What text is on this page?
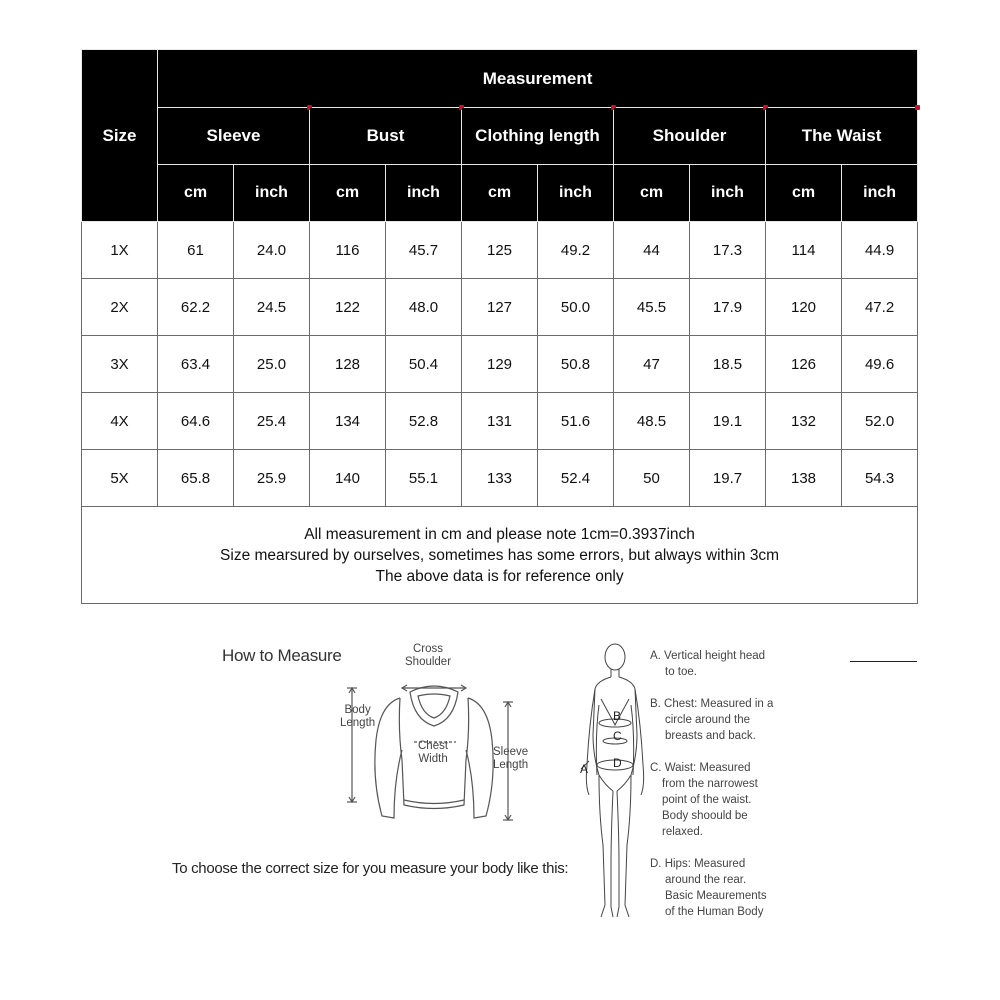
Size	Measurement									
	Sleeve		Bust		Clothing length		Shoulder		The Waist	
	cm	inch	cm	inch	cm	inch	cm	inch	cm	inch
1X	61	24.0	116	45.7	125	49.2	44	17.3	114	44.9
2X	62.2	24.5	122	48.0	127	50.0	45.5	17.9	120	47.2
3X	63.4	25.0	128	50.4	129	50.8	47	18.5	126	49.6
4X	64.6	25.4	134	52.8	131	51.6	48.5	19.1	132	52.0
5X	65.8	25.9	140	55.1	133	52.4	50	19.7	138	54.3

All measurement in cm and please note 1cm=0.3937inch
Size mearsured by ourselves, sometimes has some errors, but always within 3cm
The above data is for reference only										
How to Measure	Cross
Shoulder
Body
Length
Chest
Width
Sleeve
Length	A
B
C
D
A. Vertical height head
to toe.
B. Chest: Measured in a
circle around the
breasts and back.
C. Waist: Measured
from the narrowest
point of the waist.
Body shoould be
relaxed.
D. Hips: Measured
around the rear.
Basic Meaurements
of the Human Body
To choose the correct size for you measure your body like this:
